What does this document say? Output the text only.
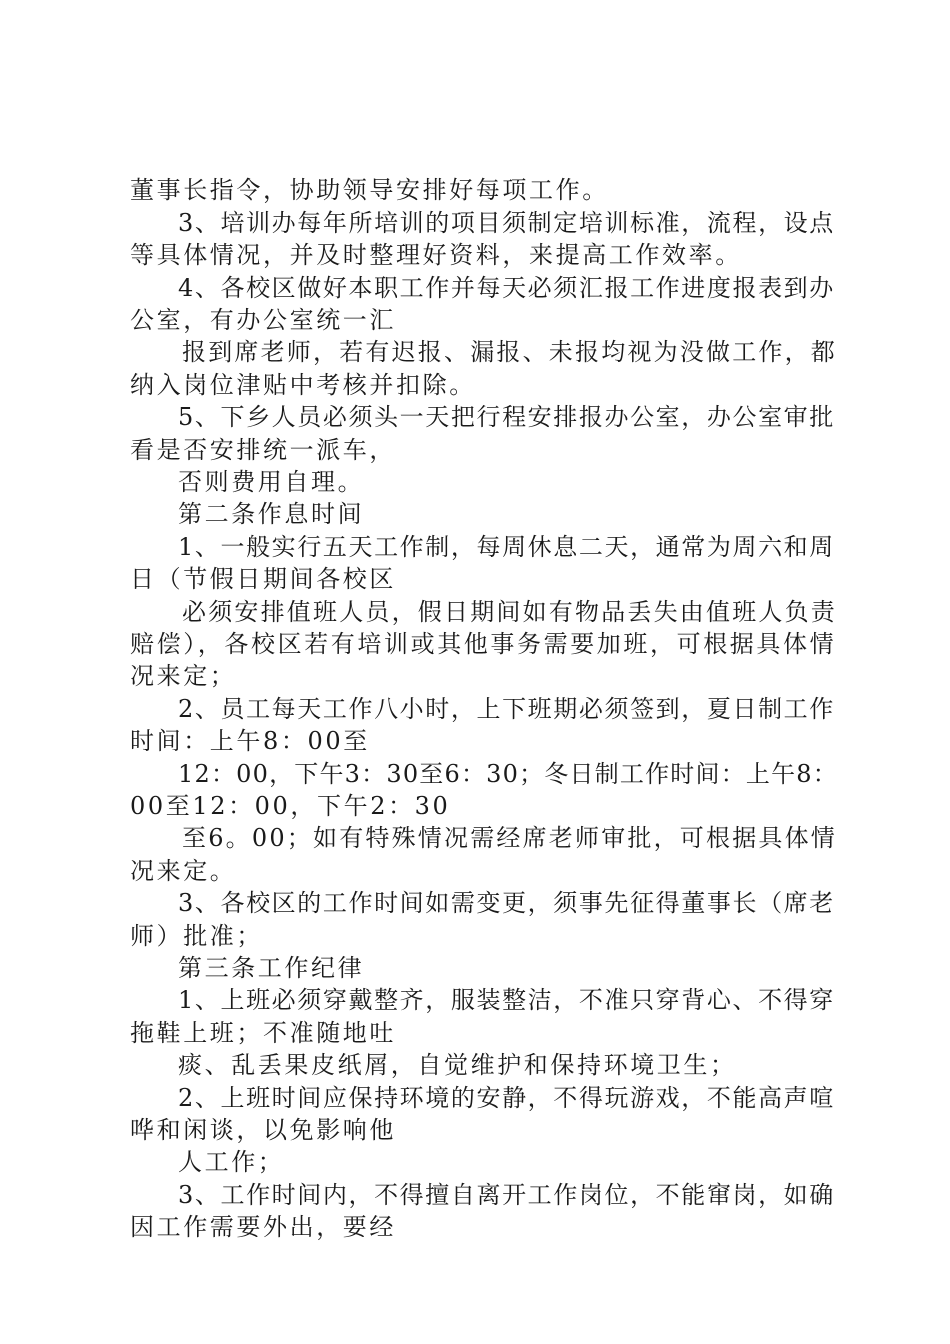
董事长指令，协助领导安排好每项工作。

3、培训办每年所培训的项目须制定培训标准，流程，设点

等具体情况，并及时整理好资料，来提高工作效率。

4、各校区做好本职工作并每天必须汇报工作进度报表到办

公室，有办公室统一汇

报到席老师，若有迟报、漏报、未报均视为没做工作，都

纳入岗位津贴中考核并扣除。

5、下乡人员必须头一天把行程安排报办公室，办公室审批

看是否安排统一派车，

否则费用自理。

第二条作息时间

1、一般实行五天工作制，每周休息二天，通常为周六和周

日（节假日期间各校区

必须安排值班人员，假日期间如有物品丢失由值班人负责

赔偿），各校区若有培训或其他事务需要加班，可根据具体情

况来定；

2、员工每天工作八小时，上下班期必须签到，夏日制工作

时间：上午8：00至

12：00，下午3：30至6：30；冬日制工作时间：上午8：

00至12：00，下午2：30

至6。00；如有特殊情况需经席老师审批，可根据具体情

况来定。

3、各校区的工作时间如需变更，须事先征得董事长（席老

师）批准；

第三条工作纪律

1、上班必须穿戴整齐，服装整洁，不准只穿背心、不得穿

拖鞋上班；不准随地吐

痰、乱丢果皮纸屑，自觉维护和保持环境卫生；

2、上班时间应保持环境的安静，不得玩游戏，不能高声喧

哗和闲谈，以免影响他

人工作；

3、工作时间内，不得擅自离开工作岗位，不能窜岗，如确

因工作需要外出，要经
